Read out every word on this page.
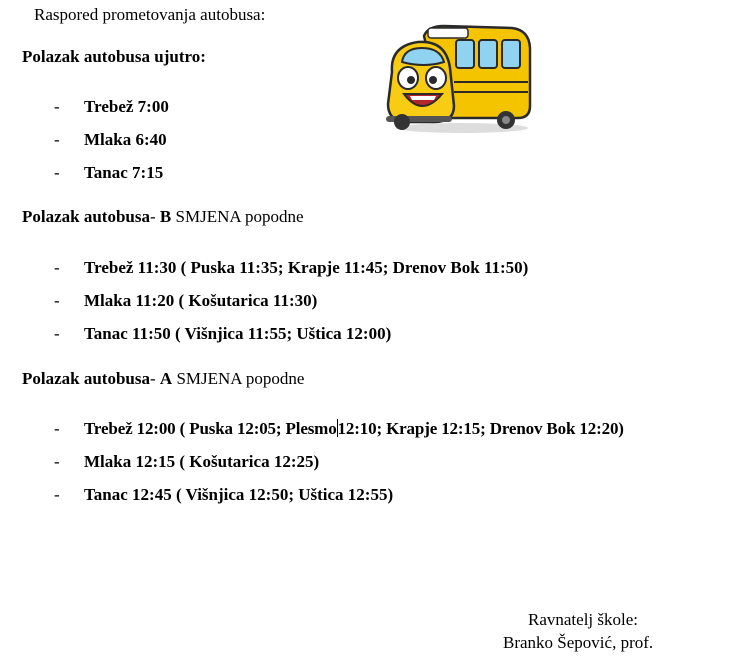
Raspored prometovanja autobusa:
Polazak autobusa ujutro:
- Trebež 7:00
- Mlaka 6:40
- Tanac 7:15
Polazak autobusa- B SMJENA popodne
- Trebež 11:30 ( Puska 11:35; Krapje 11:45; Drenov Bok 11:50)
- Mlaka 11:20 ( Košutarica 11:30)
- Tanac 11:50 ( Višnjica 11:55; Uštica 12:00)
Polazak autobusa- A SMJENA popodne
- Trebež 12:00 ( Puska 12:05; Plesmo12:10; Krapje 12:15; Drenov Bok 12:20)
- Mlaka 12:15 ( Košutarica 12:25)
- Tanac 12:45 ( Višnjica 12:50; Uštica 12:55)
Ravnatelj škole:
Branko Šepović, prof.
